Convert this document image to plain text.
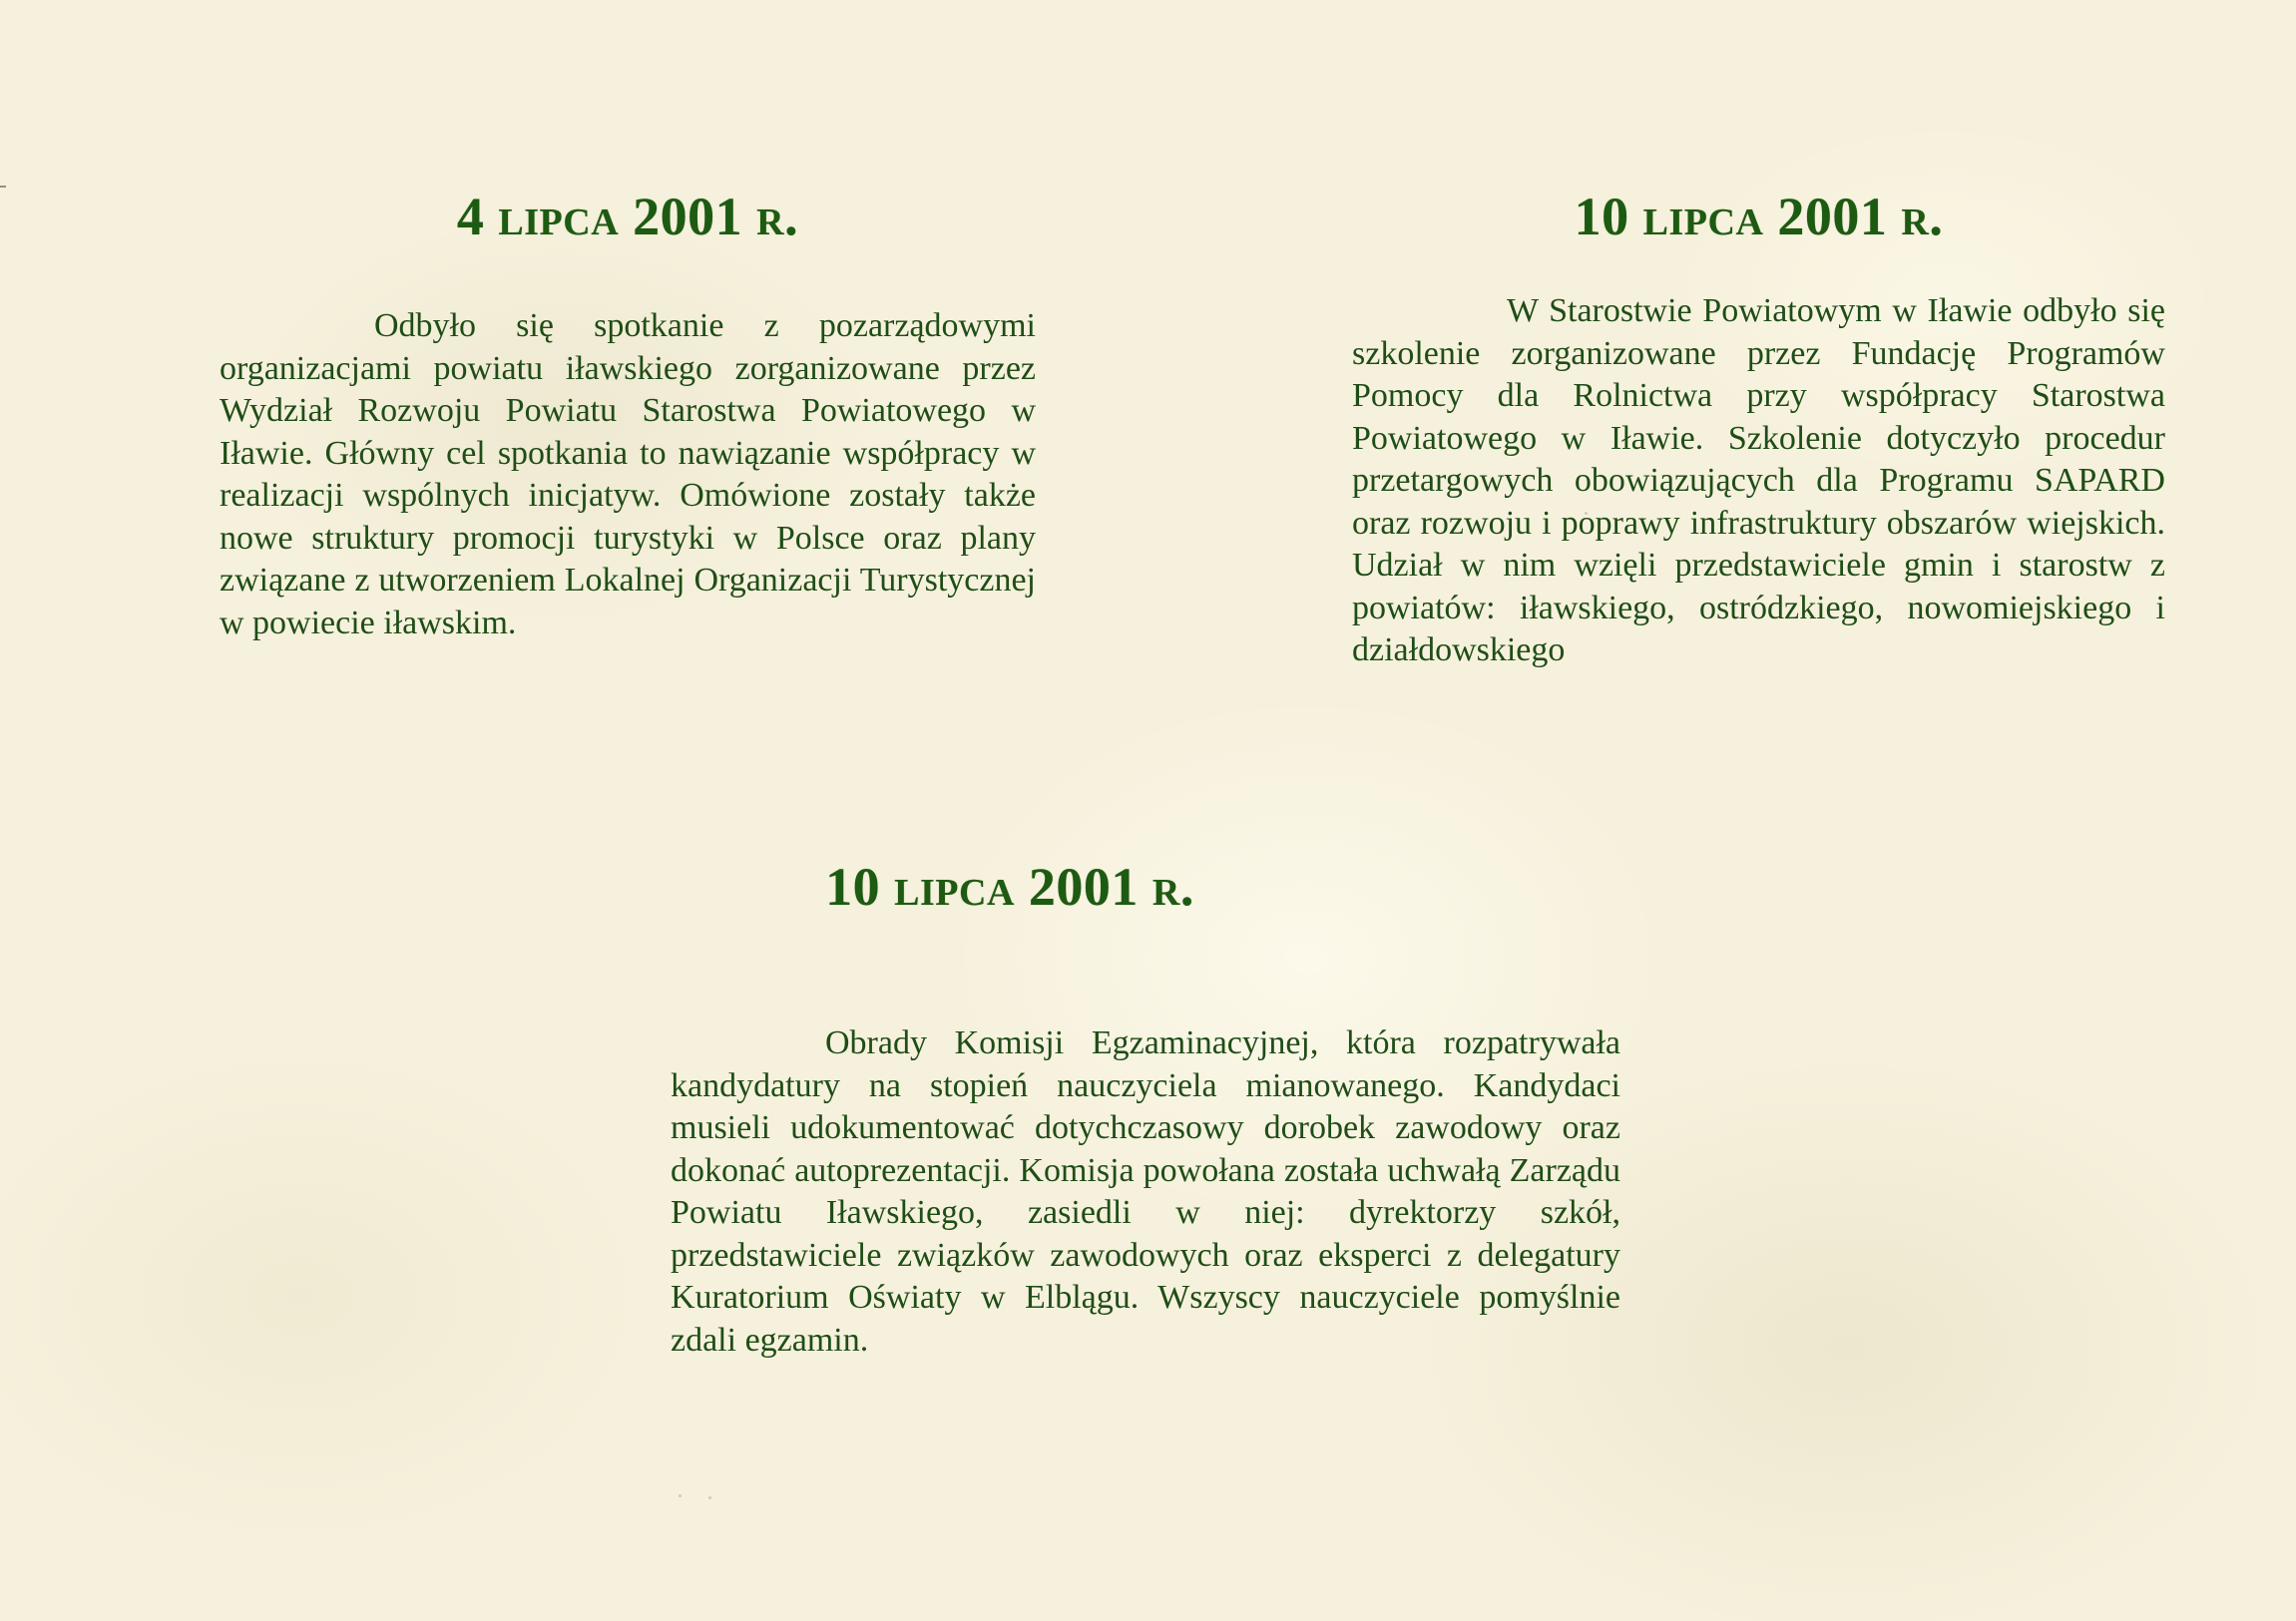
4 lipca 2001 r.

Odbyło się spotkanie z pozarządowymi organizacjami powiatu iławskiego zorganizowane przez Wydział Rozwoju Powiatu Starostwa Powiatowego w Iławie. Główny cel spotkania to nawiązanie współpracy w realizacji wspólnych inicjatyw. Omówione zostały także nowe struktury promocji turystyki w Polsce oraz plany związane z utworzeniem Lokalnej Organizacji Turystycznej w powiecie iławskim.

10 lipca 2001 r.

W Starostwie Powiatowym w Iławie odbyło się szkolenie zorganizowane przez Fundację Programów Pomocy dla Rolnictwa przy współpracy Starostwa Powiatowego w Iławie. Szkolenie dotyczyło procedur przetargowych obowiązujących dla Programu SAPARD oraz rozwoju i poprawy infrastruktury obszarów wiejskich. Udział w nim wzięli przedstawiciele gmin i starostw z powiatów: iławskiego, ostródzkiego, nowomiejskiego i działdowskiego

10 lipca 2001 r.

Obrady Komisji Egzaminacyjnej, która rozpatrywała kandydatury na stopień nauczyciela mianowanego. Kandydaci musieli udokumentować dotychczasowy dorobek zawodowy oraz dokonać autoprezentacji. Komisja powołana została uchwałą Zarządu Powiatu Iławskiego, zasiedli w niej: dyrektorzy szkół, przedstawiciele związków zawodowych oraz eksperci z delegatury Kuratorium Oświaty w Elblągu. Wszyscy nauczyciele pomyślnie zdali egzamin.
